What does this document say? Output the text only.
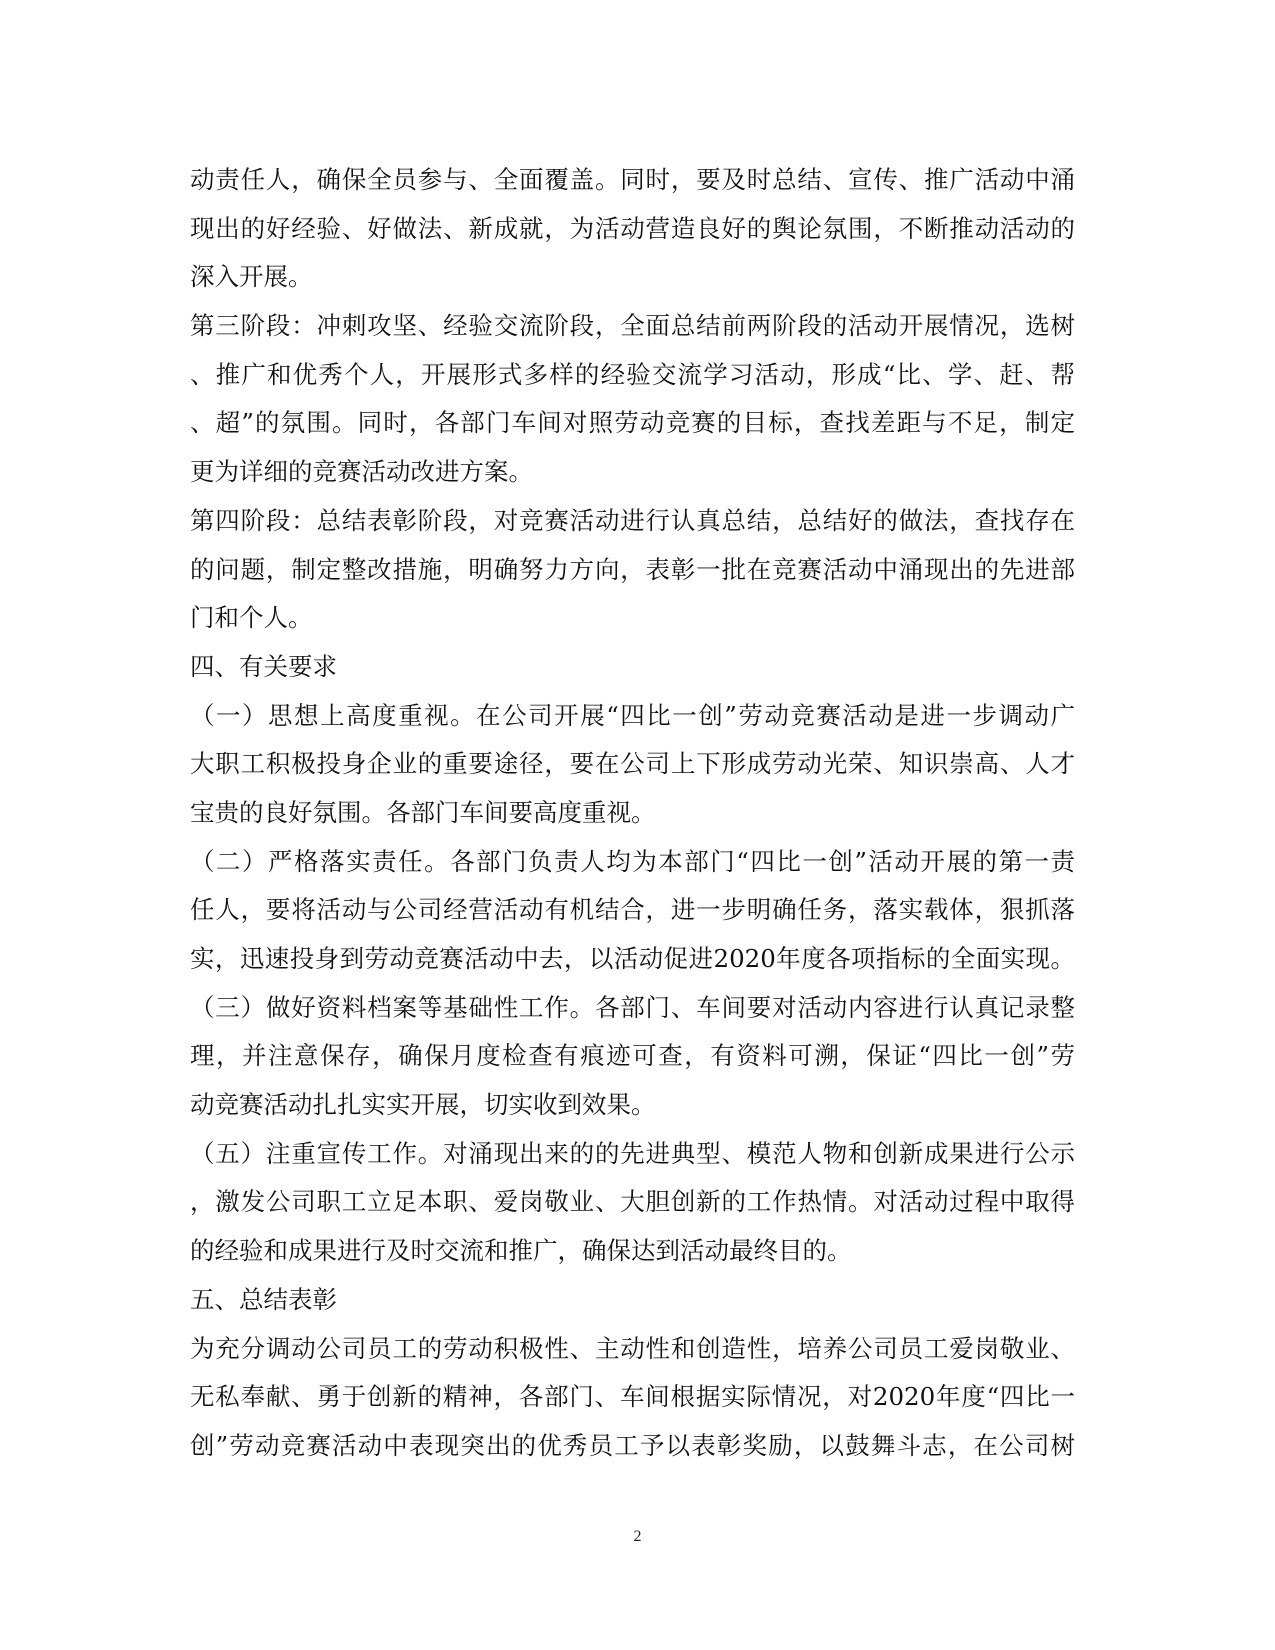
动责任人，确保全员参与、全面覆盖。同时，要及时总结、宣传、推广活动中涌
现出的好经验、好做法、新成就，为活动营造良好的舆论氛围，不断推动活动的
深入开展。
第三阶段：冲刺攻坚、经验交流阶段，全面总结前两阶段的活动开展情况，选树
、推广和优秀个人，开展形式多样的经验交流学习活动，形成“比、学、赶、帮
、超”的氛围。同时，各部门车间对照劳动竞赛的目标，查找差距与不足，制定
更为详细的竞赛活动改进方案。
第四阶段：总结表彰阶段，对竞赛活动进行认真总结，总结好的做法，查找存在
的问题，制定整改措施，明确努力方向，表彰一批在竞赛活动中涌现出的先进部
门和个人。
四、有关要求
（一）思想上高度重视。在公司开展“四比一创”劳动竞赛活动是进一步调动广
大职工积极投身企业的重要途径，要在公司上下形成劳动光荣、知识崇高、人才
宝贵的良好氛围。各部门车间要高度重视。
（二）严格落实责任。各部门负责人均为本部门“四比一创”活动开展的第一责
任人，要将活动与公司经营活动有机结合，进一步明确任务，落实载体，狠抓落
实，迅速投身到劳动竞赛活动中去，以活动促进2020年度各项指标的全面实现。
（三）做好资料档案等基础性工作。各部门、车间要对活动内容进行认真记录整
理，并注意保存，确保月度检查有痕迹可查，有资料可溯，保证“四比一创”劳
动竞赛活动扎扎实实开展，切实收到效果。
（五）注重宣传工作。对涌现出来的的先进典型、模范人物和创新成果进行公示
，激发公司职工立足本职、爱岗敬业、大胆创新的工作热情。对活动过程中取得
的经验和成果进行及时交流和推广，确保达到活动最终目的。
五、总结表彰
为充分调动公司员工的劳动积极性、主动性和创造性，培养公司员工爱岗敬业、
无私奉献、勇于创新的精神，各部门、车间根据实际情况，对2020年度“四比一
创”劳动竞赛活动中表现突出的优秀员工予以表彰奖励，以鼓舞斗志，在公司树
2
